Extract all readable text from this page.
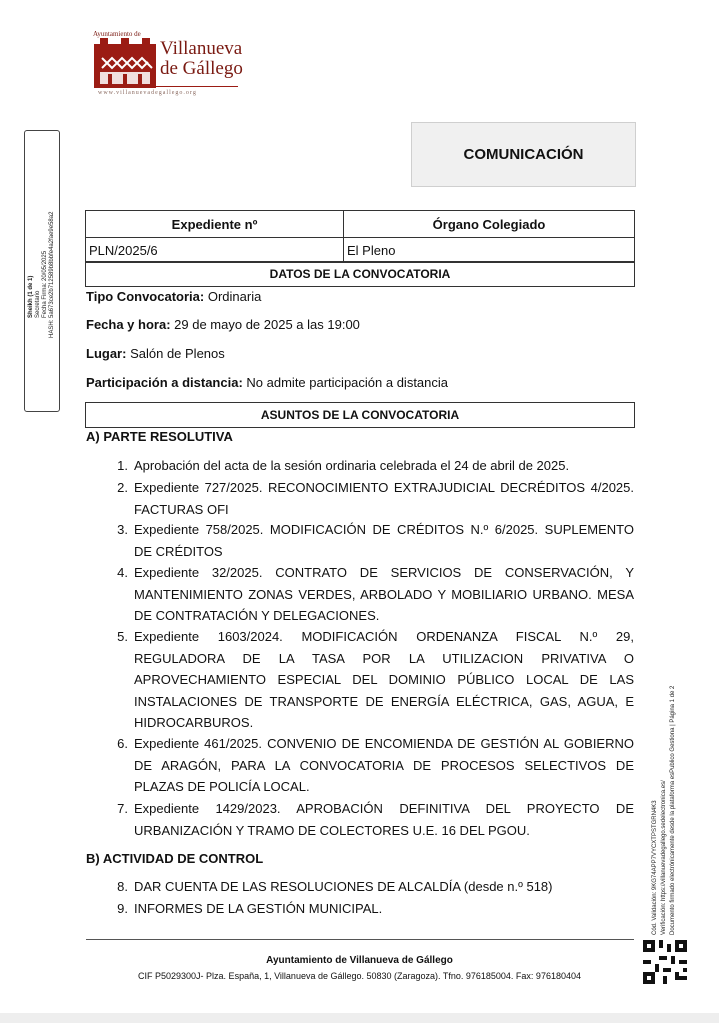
Ayuntamiento de
Villanueva
de Gállego
www.villanuevadegallego.org
COMUNICACIÓN
Sheikh (1 de 1) Secretario Fecha Firma: 20/05/2025 HASH: 5a673ce2b712589b8bbfe4a2fae9e58a2	Expediente nº	Órgano Colegiado
PLN/2025/6	El Pleno
DATOS DE LA CONVOCATORIA
Tipo Convocatoria: Ordinaria
Fecha y hora: 29 de mayo de 2025 a las 19:00
Lugar: Salón de Plenos
Participación a distancia: No admite participación a distancia
ASUNTOS DE LA CONVOCATORIA
A) PARTE RESOLUTIVA
1. Aprobación del acta de la sesión ordinaria celebrada el 24 de abril de 2025.
2. Expediente 727/2025. RECONOCIMIENTO EXTRAJUDICIAL DECRÉDITOS 4/2025. FACTURAS OFI
3. Expediente 758/2025. MODIFICACIÓN DE CRÉDITOS N.º 6/2025. SUPLEMENTO DE CRÉDITOS
4. Expediente 32/2025. CONTRATO DE SERVICIOS DE CONSERVACIÓN, Y MANTENIMIENTO ZONAS VERDES, ARBOLADO Y MOBILIARIO URBANO. MESA DE CONTRATACIÓN Y DELEGACIONES.
5. Expediente 1603/2024. MODIFICACIÓN ORDENANZA FISCAL N.º 29, REGULADORA DE LA TASA POR LA UTILIZACION PRIVATIVA O APROVECHAMIENTO ESPECIAL DEL DOMINIO PÚBLICO LOCAL DE LAS INSTALACIONES DE TRANSPORTE DE ENERGÍA ELÉCTRICA, GAS, AGUA, E HIDROCARBUROS.
6. Expediente 461/2025. CONVENIO DE ENCOMIENDA DE GESTIÓN AL GOBIERNO DE ARAGÓN, PARA LA CONVOCATORIA DE PROCESOS SELECTIVOS DE PLAZAS DE POLICÍA LOCAL.
7. Expediente 1429/2023. APROBACIÓN DEFINITIVA DEL PROYECTO DE URBANIZACIÓN Y TRAMO DE COLECTORES U.E. 16 DEL PGOU.
B) ACTIVIDAD DE CONTROL
8. DAR CUENTA DE LAS RESOLUCIONES DE ALCALDÍA (desde n.º 518)
9. INFORMES DE LA GESTIÓN MUNICIPAL.	Cód. Validación: 9KG74APP7VYCXTPSTGRN4K3 Verificación: https://villanuevadegallego.sedelectronica.es/ Documento firmado electrónicamente desde la plataforma esPublico Gestiona | Página 1 de 2
Ayuntamiento de Villanueva de Gállego
CIF P5029300J- Plza. España, 1, Villanueva de Gállego. 50830 (Zaragoza). Tfno. 976185004. Fax: 976180404
